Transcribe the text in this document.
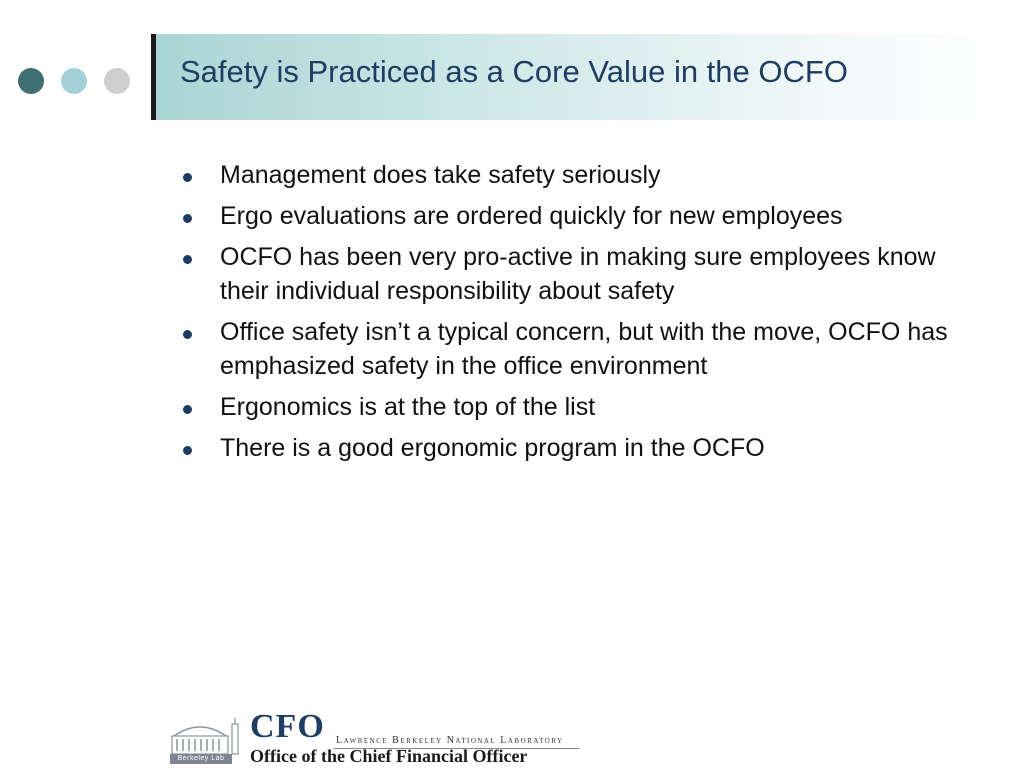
Safety is Practiced as a Core Value in the OCFO
Management does take safety seriously
Ergo evaluations are ordered quickly for new employees
OCFO has been very pro-active in making sure employees know their individual responsibility about safety
Office safety isn’t a typical concern, but with the move, OCFO has emphasized safety in the office environment
Ergonomics is at the top of the list
There is a good ergonomic program in the OCFO
Berkeley Lab
CFO Lawrence Berkeley National Laboratory
Office of the Chief Financial Officer
